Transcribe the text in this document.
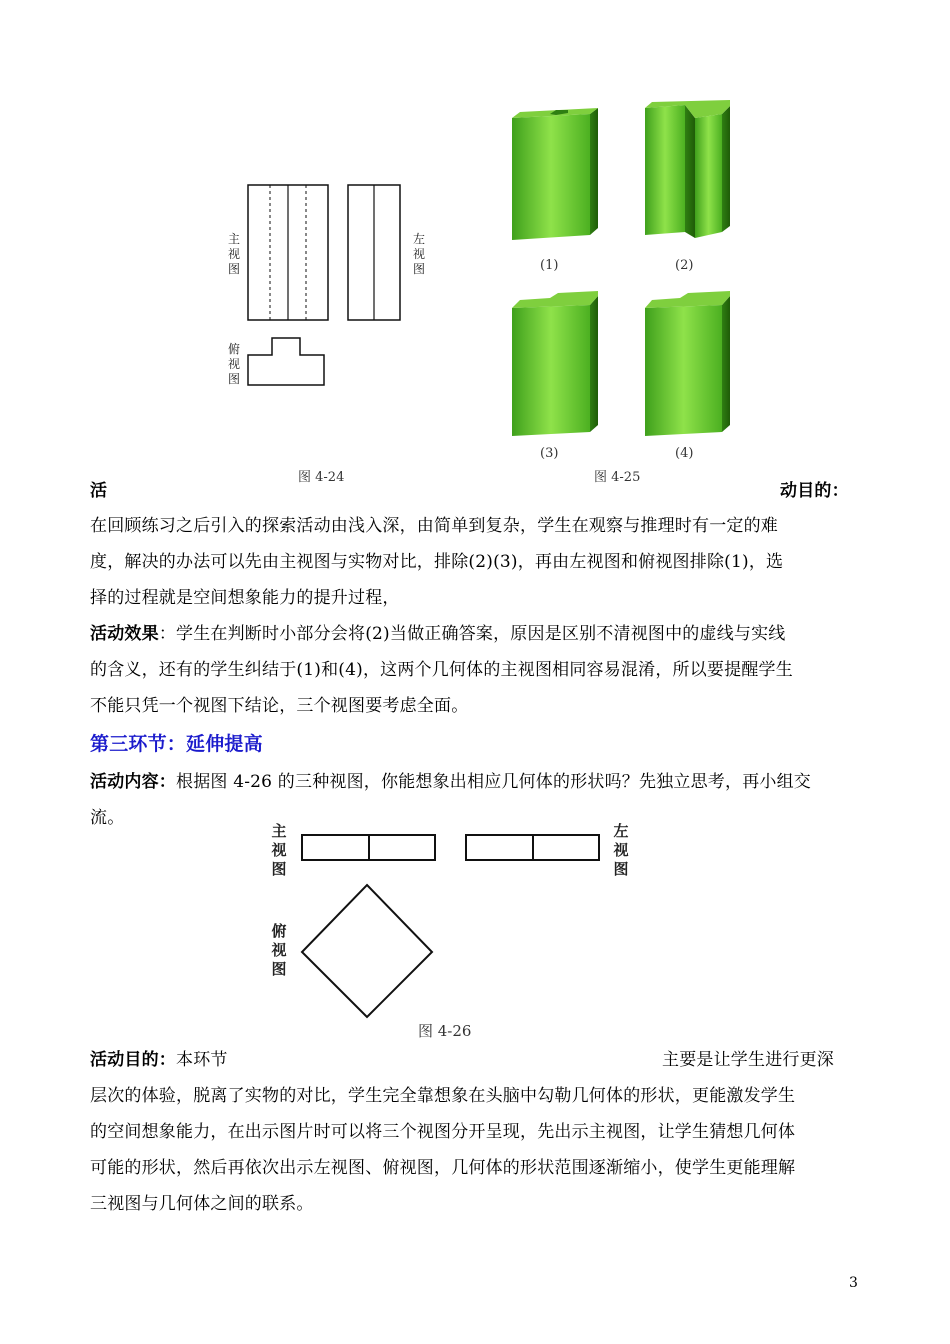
主视图
左视图
俯视图
图 4-24
(1)	(2)
(3)	(4)
图 4-25
活	动目的：
在回顾练习之后引入的探索活动由浅入深，由简单到复杂，学生在观察与推理时有一定的难
度，解决的办法可以先由主视图与实物对比，排除(2)(3)，再由左视图和俯视图排除(1)，选
择的过程就是空间想象能力的提升过程，
活动效果：学生在判断时小部分会将(2)当做正确答案，原因是区别不清视图中的虚线与实线
的含义，还有的学生纠结于(1)和(4)，这两个几何体的主视图相同容易混淆，所以要提醒学生
不能只凭一个视图下结论，三个视图要考虑全面。
第三环节：延伸提高
活动内容：根据图 4-26 的三种视图，你能想象出相应几何体的形状吗？先独立思考，再小组交
流。
主视图
左视图
俯视图
图 4-26
活动目的：本环节	主要是让学生进行更深
层次的体验，脱离了实物的对比，学生完全靠想象在头脑中勾勒几何体的形状，更能激发学生
的空间想象能力，在出示图片时可以将三个视图分开呈现，先出示主视图，让学生猜想几何体
可能的形状，然后再依次出示左视图、俯视图，几何体的形状范围逐渐缩小，使学生更能理解
三视图与几何体之间的联系。
3
